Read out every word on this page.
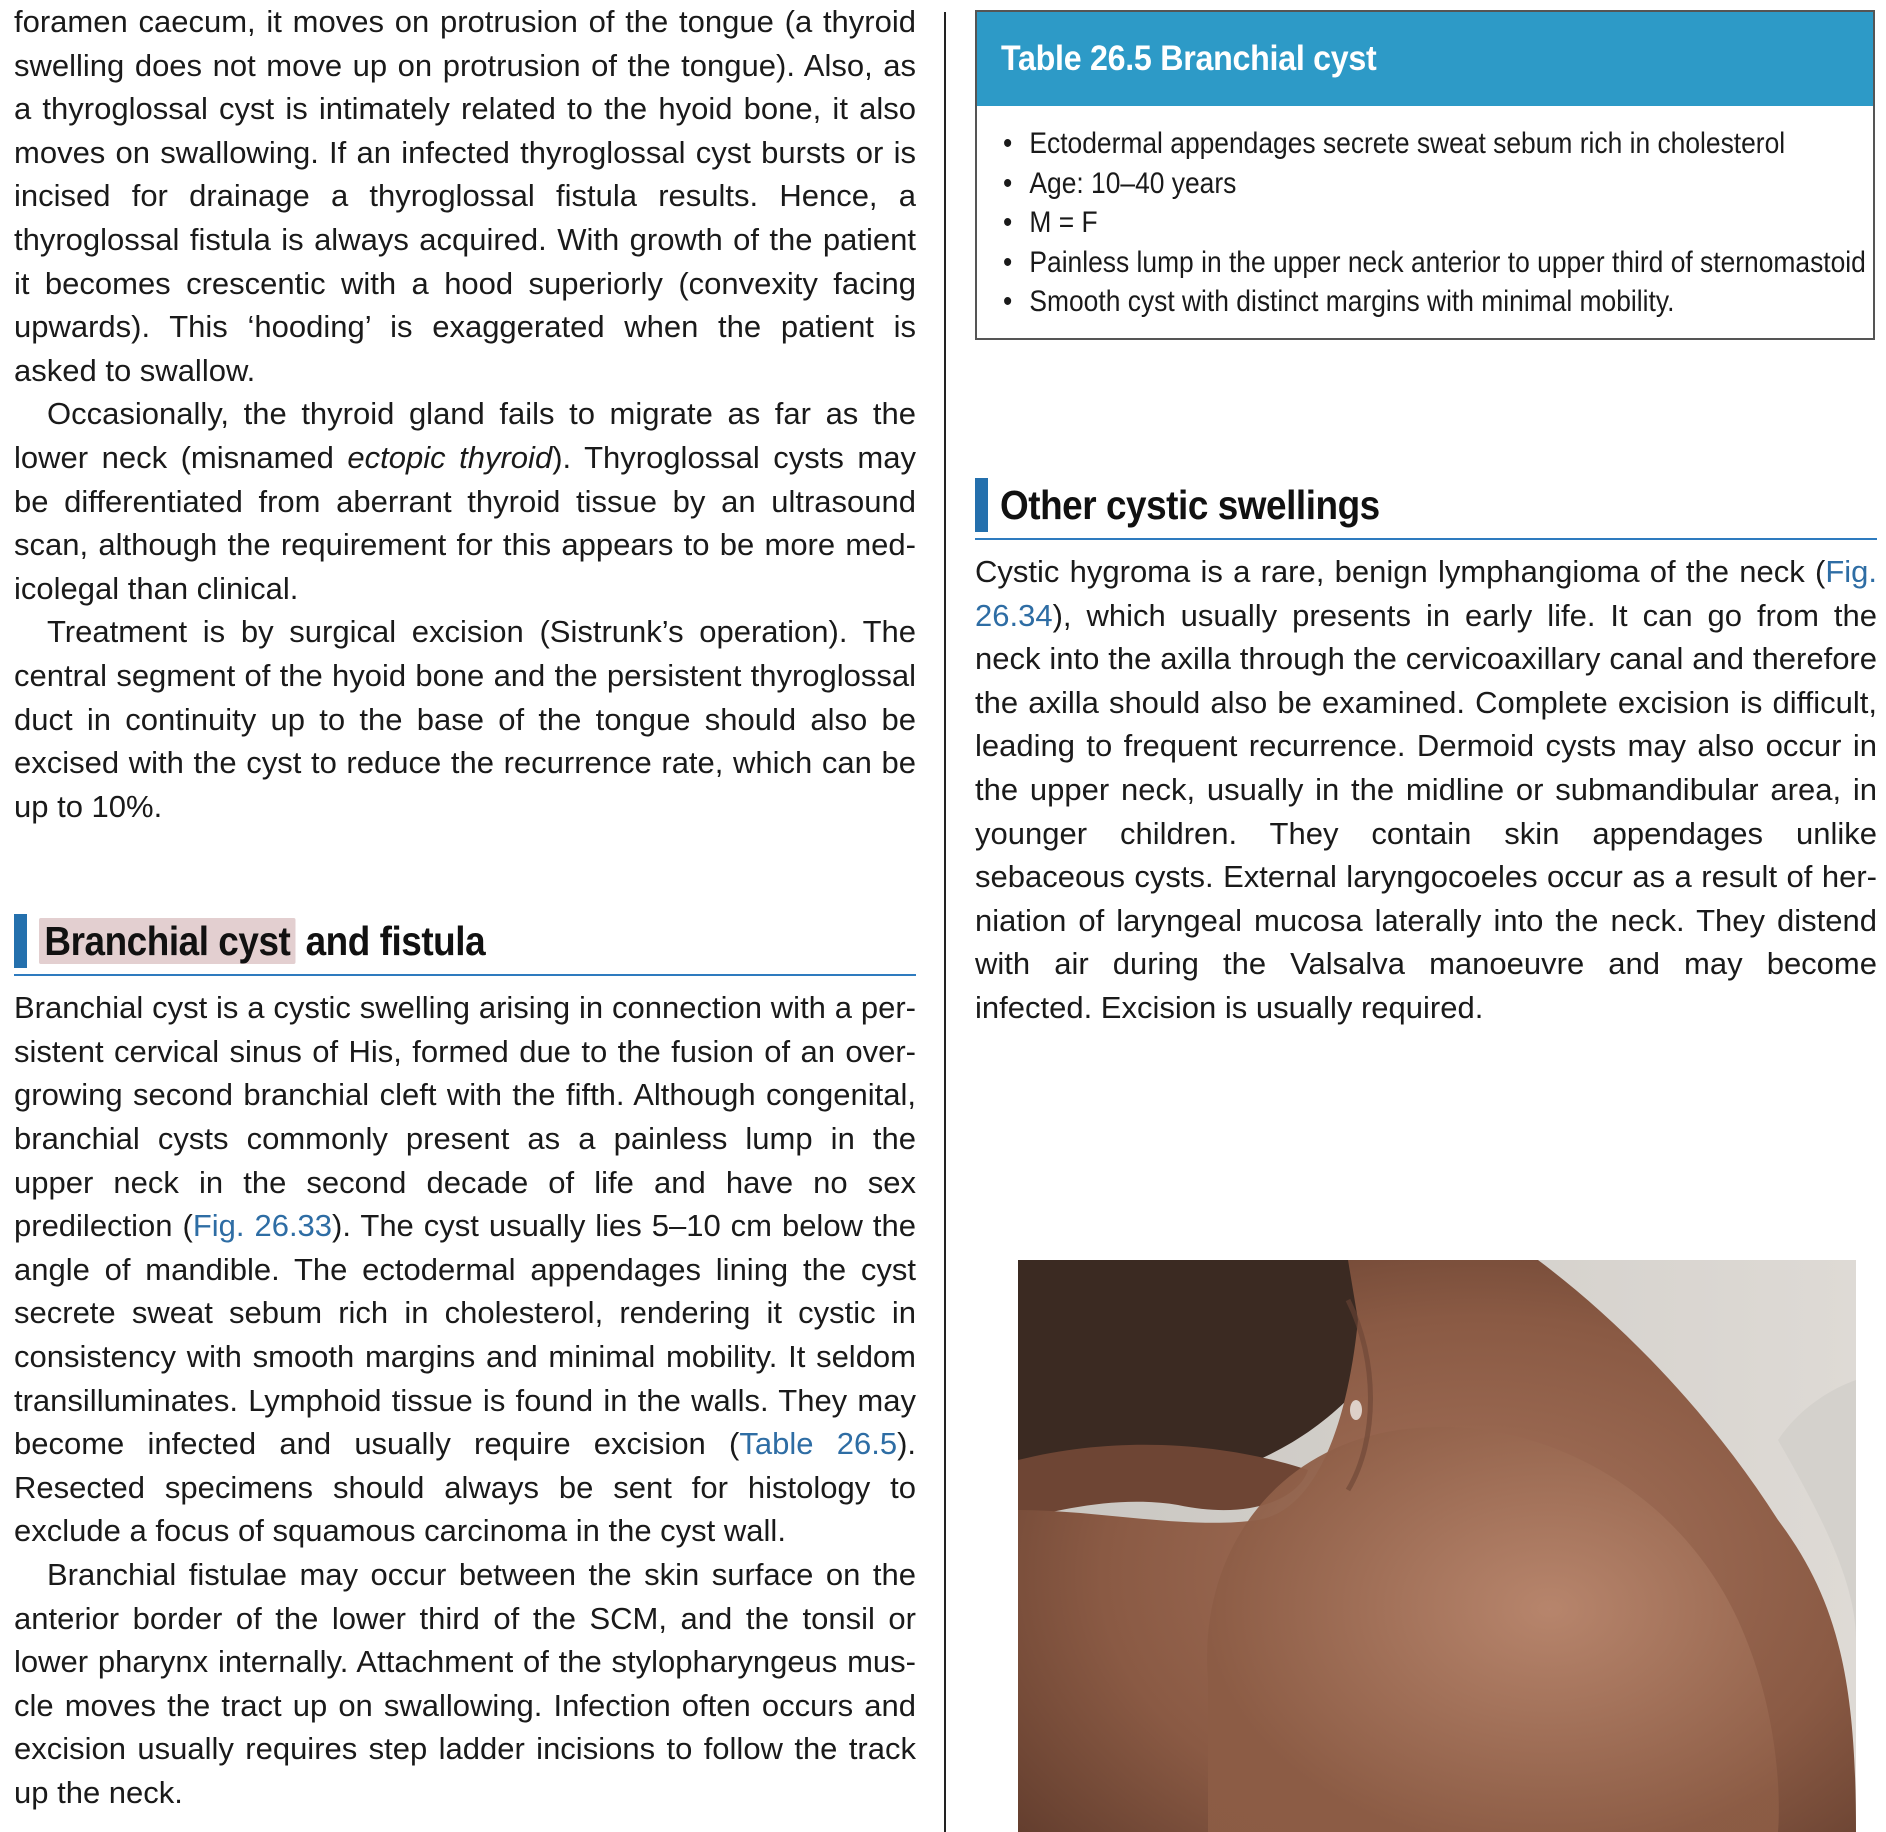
foramen caecum, it moves on protrusion of the tongue (a thyroid swelling does not move up on protrusion of the tongue). Also, as a thyroglossal cyst is intimately related to the hyoid bone, it also moves on swallowing. If an infected thyroglossal cyst bursts or is incised for drainage a thyroglossal fistula results. Hence, a thyroglossal fistula is always acquired. With growth of the patient it becomes crescentic with a hood superiorly (convexity facing upwards). This ‘hooding’ is exaggerated when the patient is asked to swallow.

Occasionally, the thyroid gland fails to migrate as far as the lower neck (misnamed ectopic thyroid). Thyroglossal cysts may be differentiated from aberrant thyroid tissue by an ultrasound scan, although the requirement for this appears to be more medicolegal than clinical.

Treatment is by surgical excision (Sistrunk’s operation). The central segment of the hyoid bone and the persistent thyroglossal duct in continuity up to the base of the tongue should also be excised with the cyst to reduce the recurrence rate, which can be up to 10%.

Branchial cyst and fistula

Branchial cyst is a cystic swelling arising in connection with a persistent cervical sinus of His, formed due to the fusion of an overgrowing second branchial cleft with the fifth. Although congenital, branchial cysts commonly present as a painless lump in the upper neck in the second decade of life and have no sex predilection (Fig. 26.33). The cyst usually lies 5–10 cm below the angle of mandible. The ectodermal appendages lining the cyst secrete sweat sebum rich in cholesterol, rendering it cystic in consistency with smooth margins and minimal mobility. It seldom transilluminates. Lymphoid tissue is found in the walls. They may become infected and usually require excision (Table 26.5). Resected specimens should always be sent for histology to exclude a focus of squamous carcinoma in the cyst wall.

Branchial fistulae may occur between the skin surface on the anterior border of the lower third of the SCM, and the tonsil or lower pharynx internally. Attachment of the stylopharyngeus muscle moves the tract up on swallowing. Infection often occurs and excision usually requires step ladder incisions to follow the track up the neck.

Table 26.5 Branchial cyst
• Ectodermal appendages secrete sweat sebum rich in cholesterol
• Age: 10–40 years
• M = F
• Painless lump in the upper neck anterior to upper third of sternomastoid
• Smooth cyst with distinct margins with minimal mobility.
Other cystic swellings

Cystic hygroma is a rare, benign lymphangioma of the neck (Fig. 26.34), which usually presents in early life. It can go from the neck into the axilla through the cervicoaxillary canal and therefore the axilla should also be examined. Complete excision is difficult, leading to frequent recurrence. Dermoid cysts may also occur in the upper neck, usually in the midline or submandibular area, in younger children. They contain skin appendages unlike sebaceous cysts. External laryngocoeles occur as a result of herniation of laryngeal mucosa laterally into the neck. They distend with air during the Valsalva manoeuvre and may become infected. Excision is usually required.
